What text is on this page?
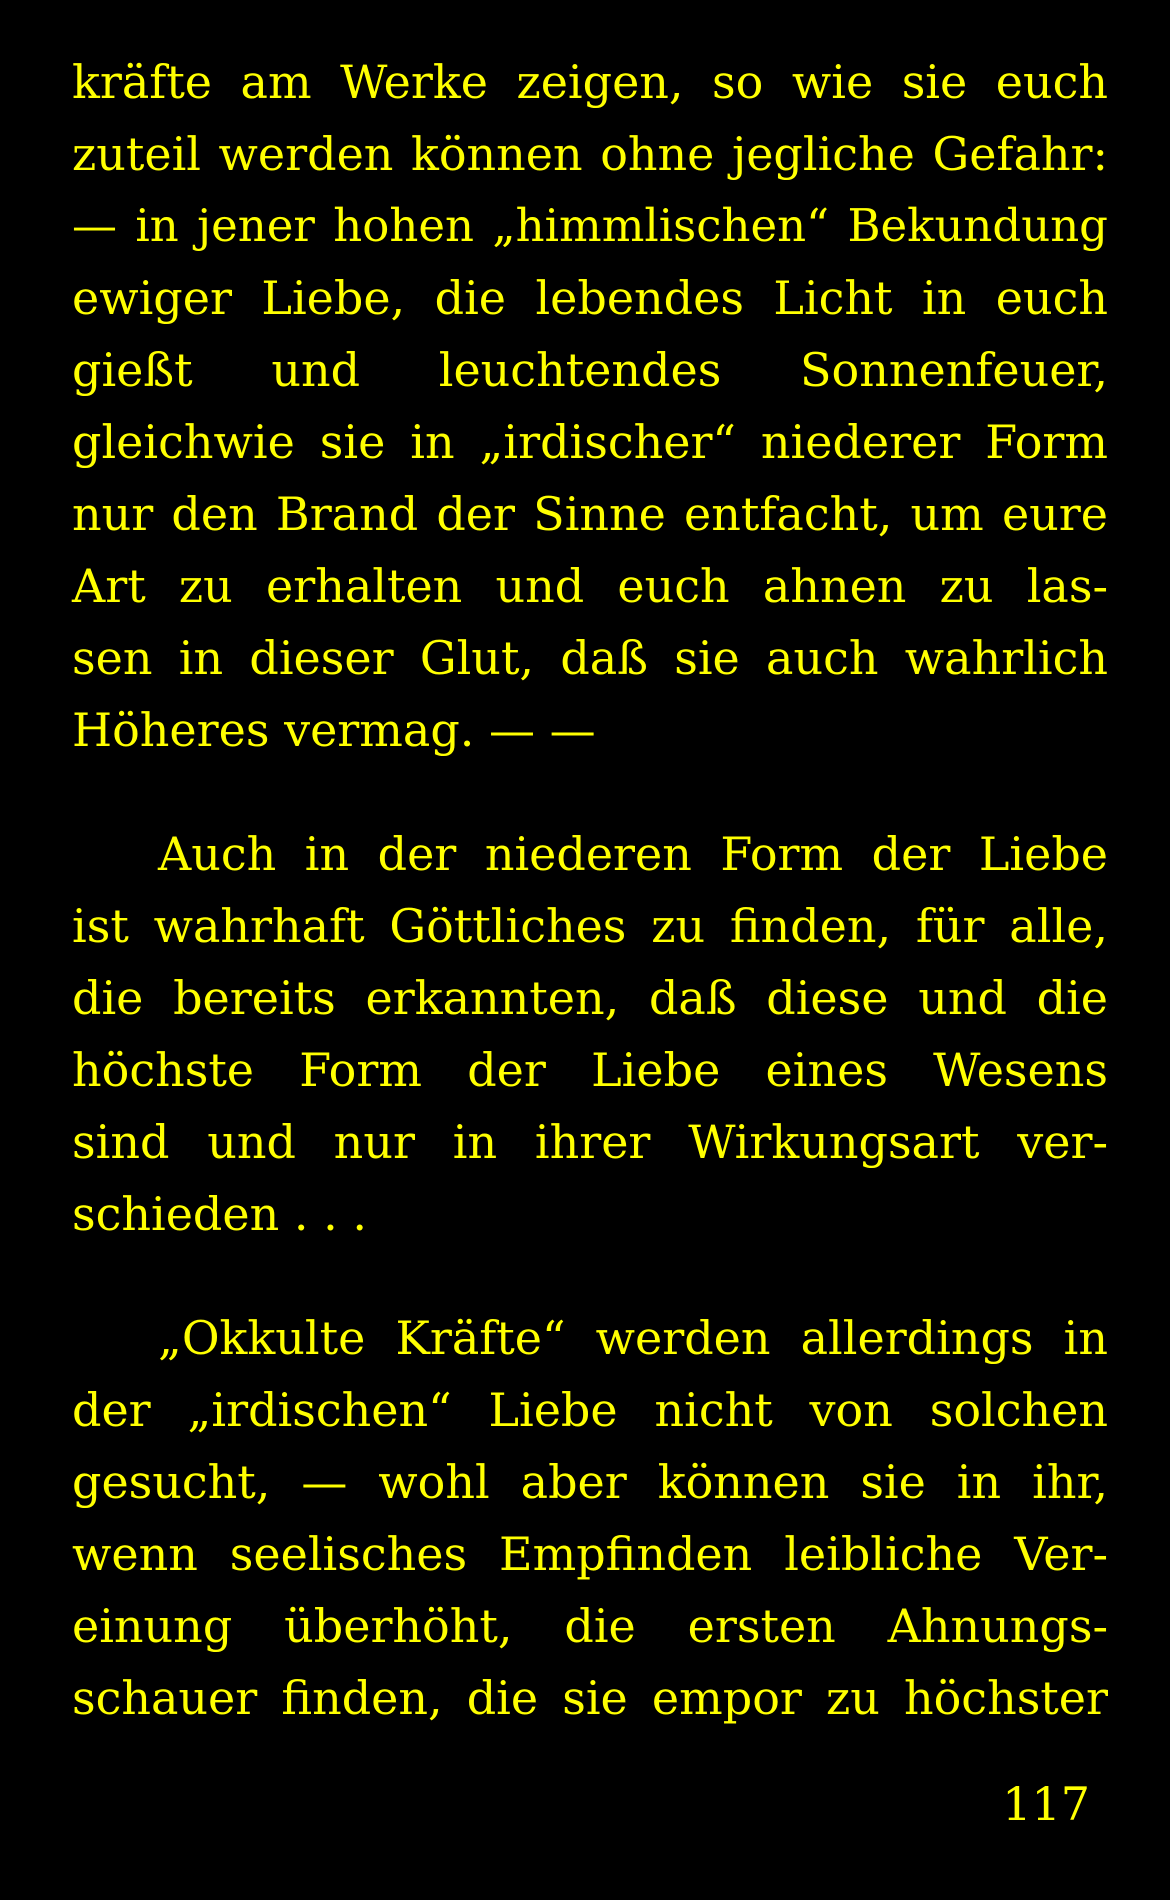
kräfte am Werke zeigen, so wie sie euch

zuteil werden können ohne jegliche Gefahr:

— in jener hohen „himmlischen“ Bekundung

ewiger Liebe, die lebendes Licht in euch

gießt und leuchtendes Sonnenfeuer,

gleichwie sie in „irdischer“ niederer Form

nur den Brand der Sinne entfacht, um eure

Art zu erhalten und euch ahnen zu las-

sen in dieser Glut, daß sie auch wahrlich

Höheres vermag. — —

Auch in der niederen Form der Liebe

ist wahrhaft Göttliches zu finden, für alle,

die bereits erkannten, daß diese und die

höchste Form der Liebe eines Wesens

sind und nur in ihrer Wirkungsart ver-

schieden . . .

„Okkulte Kräfte“ werden allerdings in

der „irdischen“ Liebe nicht von solchen

gesucht, — wohl aber können sie in ihr,

wenn seelisches Empfinden leibliche Ver-

einung überhöht, die ersten Ahnungs-

schauer finden, die sie empor zu höchster

117
